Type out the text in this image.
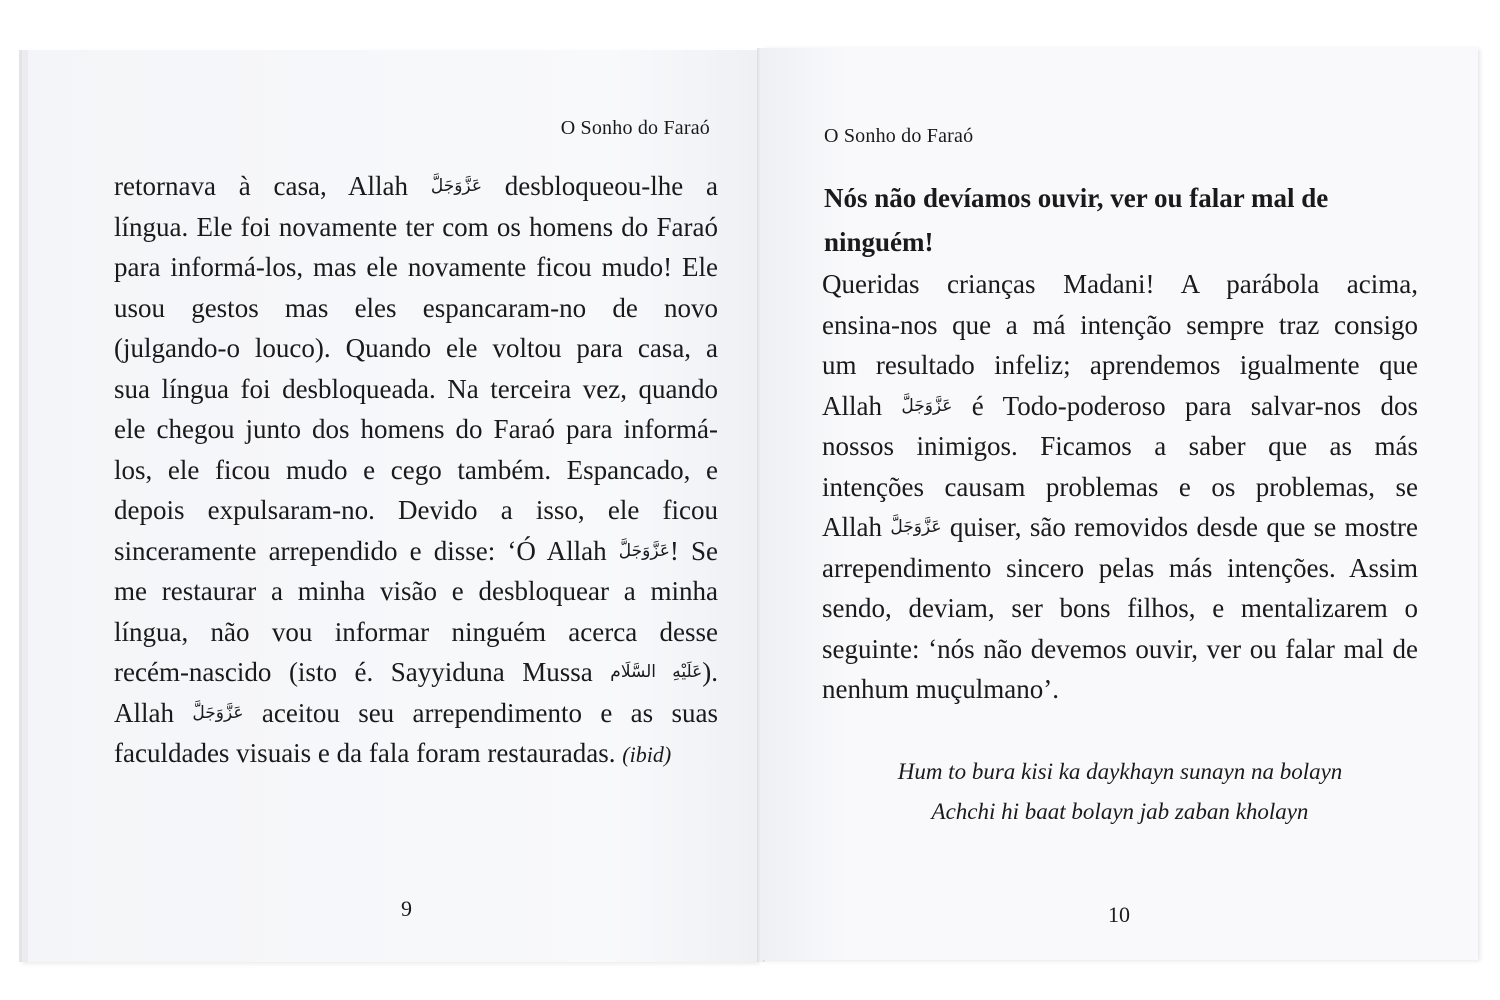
O Sonho do Faraó
retornava à casa, Allah عَزَّوَجَلَّ desbloqueou-lhe a
língua. Ele foi novamente ter com os homens do Faraó
para informá-los, mas ele novamente ficou mudo! Ele
usou gestos mas eles espancaram-no de novo
(julgando-o louco). Quando ele voltou para casa, a
sua língua foi desbloqueada. Na terceira vez, quando
ele chegou junto dos homens do Faraó para informá-
los, ele ficou mudo e cego também. Espancado, e
depois expulsaram-no. Devido a isso, ele ficou
sinceramente arrependido e disse: ‘Ó Allah عَزَّوَجَلَّ! Se
me restaurar a minha visão e desbloquear a minha
língua, não vou informar ninguém acerca desse
recém-nascido (isto é. Sayyiduna Mussa عَلَيْهِ السَّلَام).
Allah عَزَّوَجَلَّ aceitou seu arrependimento e as suas
faculdades visuais e da fala foram restauradas. (ibid)
9
O Sonho do Faraó
Nós não devíamos ouvir, ver ou falar mal de
ninguém!
Queridas crianças Madani! A parábola acima,
ensina-nos que a má intenção sempre traz consigo
um resultado infeliz; aprendemos igualmente que
Allah عَزَّوَجَلَّ é Todo-poderoso para salvar-nos dos
nossos inimigos. Ficamos a saber que as más
intenções causam problemas e os problemas, se
Allah عَزَّوَجَلَّ quiser, são removidos desde que se mostre
arrependimento sincero pelas más intenções. Assim
sendo, deviam, ser bons filhos, e mentalizarem o
seguinte: ‘nós não devemos ouvir, ver ou falar mal de
nenhum muçulmano’.
Hum to bura kisi ka daykhayn sunayn na bolayn
Achchi hi baat bolayn jab zaban kholayn
10
